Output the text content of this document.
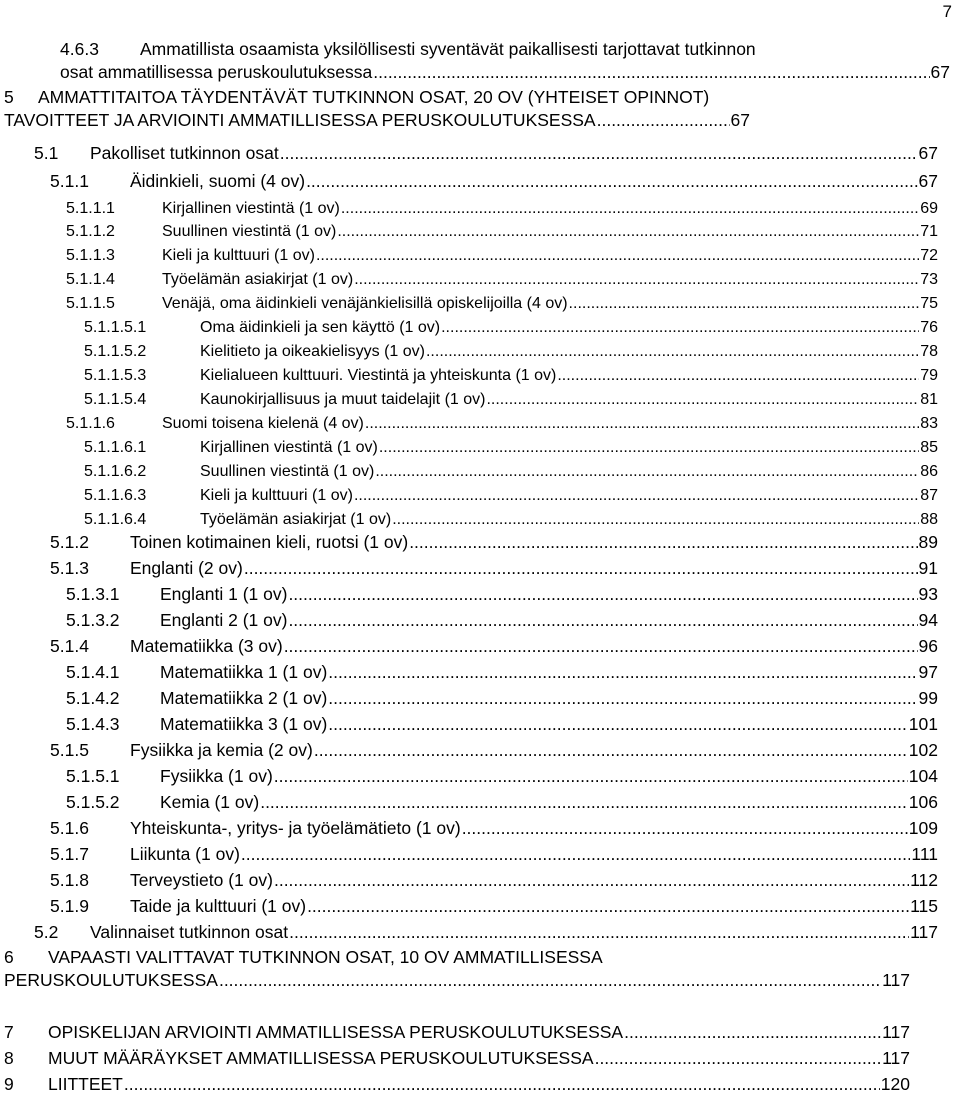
7
4.6.3	Ammatillista osaamista yksilöllisesti syventävät paikallisesti tarjottavat tutkinnon
osat ammatillisessa peruskoulutuksessa .....	67
5	AMMATTITAITOA TÄYDENTÄVÄT TUTKINNON OSAT, 20 OV (YHTEISET OPINNOT)
TAVOITTEET JA ARVIOINTI AMMATILLISESSA PERUSKOULUTUKSESSA .....	67
5.1	Pakolliset tutkinnon osat .....	67
5.1.1	Äidinkieli, suomi (4 ov) .....	67
5.1.1.1	Kirjallinen viestintä (1 ov) .....	69
5.1.1.2	Suullinen viestintä (1 ov) .....	71
5.1.1.3	Kieli ja kulttuuri (1 ov) .....	72
5.1.1.4	Työelämän asiakirjat (1 ov) .....	73
5.1.1.5	Venäjä, oma äidinkieli venäjänkielisillä opiskelijoilla (4 ov) .....	75
5.1.1.5.1	Oma äidinkieli ja sen käyttö (1 ov) .....	76
5.1.1.5.2	Kielitieto ja oikeakielisyys (1 ov) .....	78
5.1.1.5.3	Kielialueen kulttuuri. Viestintä ja yhteiskunta (1 ov) .....	79
5.1.1.5.4	Kaunokirjallisuus ja muut taidelajit (1 ov) .....	81
5.1.1.6	Suomi toisena kielenä (4 ov) .....	83
5.1.1.6.1	Kirjallinen viestintä (1 ov) .....	85
5.1.1.6.2	Suullinen viestintä (1 ov) .....	86
5.1.1.6.3	Kieli ja kulttuuri (1 ov) .....	87
5.1.1.6.4	Työelämän asiakirjat (1 ov) .....	88
5.1.2	Toinen kotimainen kieli, ruotsi (1 ov) .....	89
5.1.3	Englanti (2 ov) .....	91
5.1.3.1	Englanti 1 (1 ov) .....	93
5.1.3.2	Englanti 2 (1 ov) .....	94
5.1.4	Matematiikka (3 ov) .....	96
5.1.4.1	Matematiikka 1 (1 ov) .....	97
5.1.4.2	Matematiikka 2 (1 ov) .....	99
5.1.4.3	Matematiikka 3 (1 ov) .....	101
5.1.5	Fysiikka ja kemia (2 ov) .....	102
5.1.5.1	Fysiikka (1 ov) .....	104
5.1.5.2	Kemia (1 ov) .....	106
5.1.6	Yhteiskunta-, yritys- ja työelämätieto (1 ov) .....	109
5.1.7	Liikunta (1 ov) .....	111
5.1.8	Terveystieto (1 ov) .....	112
5.1.9	Taide ja kulttuuri (1 ov) .....	115
5.2	Valinnaiset tutkinnon osat .....	117
6	VAPAASTI VALITTAVAT TUTKINNON OSAT, 10 OV AMMATILLISESSA
PERUSKOULUTUKSESSA .....	117
7	OPISKELIJAN ARVIOINTI AMMATILLISESSA PERUSKOULUTUKSESSA .....	117
8	MUUT MÄÄRÄYKSET AMMATILLISESSA PERUSKOULUTUKSESSA .....	117
9	LIITTEET .....	120
